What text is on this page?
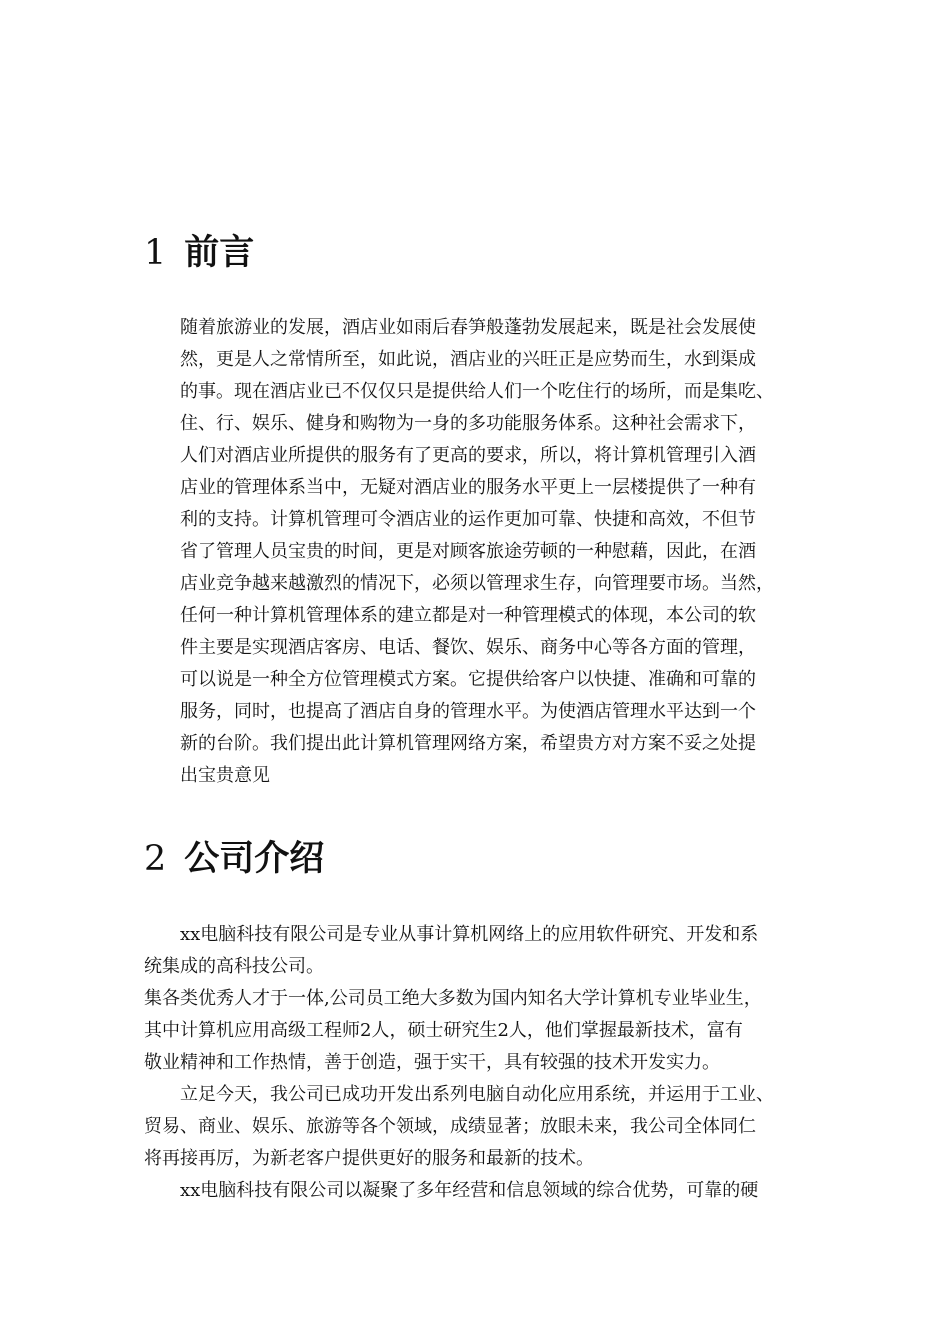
1 前言
随着旅游业的发展，酒店业如雨后春笋般蓬勃发展起来，既是社会发展使
然，更是人之常情所至，如此说，酒店业的兴旺正是应势而生，水到渠成
的事。现在酒店业已不仅仅只是提供给人们一个吃住行的场所，而是集吃、
住、行、娱乐、健身和购物为一身的多功能服务体系。这种社会需求下，
人们对酒店业所提供的服务有了更高的要求，所以，将计算机管理引入酒
店业的管理体系当中，无疑对酒店业的服务水平更上一层楼提供了一种有
利的支持。计算机管理可令酒店业的运作更加可靠、快捷和高效，不但节
省了管理人员宝贵的时间，更是对顾客旅途劳顿的一种慰藉，因此，在酒
店业竞争越来越激烈的情况下，必须以管理求生存，向管理要市场。当然，
任何一种计算机管理体系的建立都是对一种管理模式的体现，本公司的软
件主要是实现酒店客房、电话、餐饮、娱乐、商务中心等各方面的管理，
可以说是一种全方位管理模式方案。它提供给客户以快捷、准确和可靠的
服务，同时，也提高了酒店自身的管理水平。为使酒店管理水平达到一个
新的台阶。我们提出此计算机管理网络方案，希望贵方对方案不妥之处提
出宝贵意见
2 公司介绍
　　xx电脑科技有限公司是专业从事计算机网络上的应用软件研究、开发和系
统集成的高科技公司。
集各类优秀人才于一体,公司员工绝大多数为国内知名大学计算机专业毕业生，
其中计算机应用高级工程师2人，硕士研究生2人，他们掌握最新技术，富有
敬业精神和工作热情，善于创造，强于实干，具有较强的技术开发实力。
　　立足今天，我公司已成功开发出系列电脑自动化应用系统，并运用于工业、
贸易、商业、娱乐、旅游等各个领域，成绩显著；放眼未来，我公司全体同仁
将再接再厉，为新老客户提供更好的服务和最新的技术。
　　xx电脑科技有限公司以凝聚了多年经营和信息领域的综合优势，可靠的硬
